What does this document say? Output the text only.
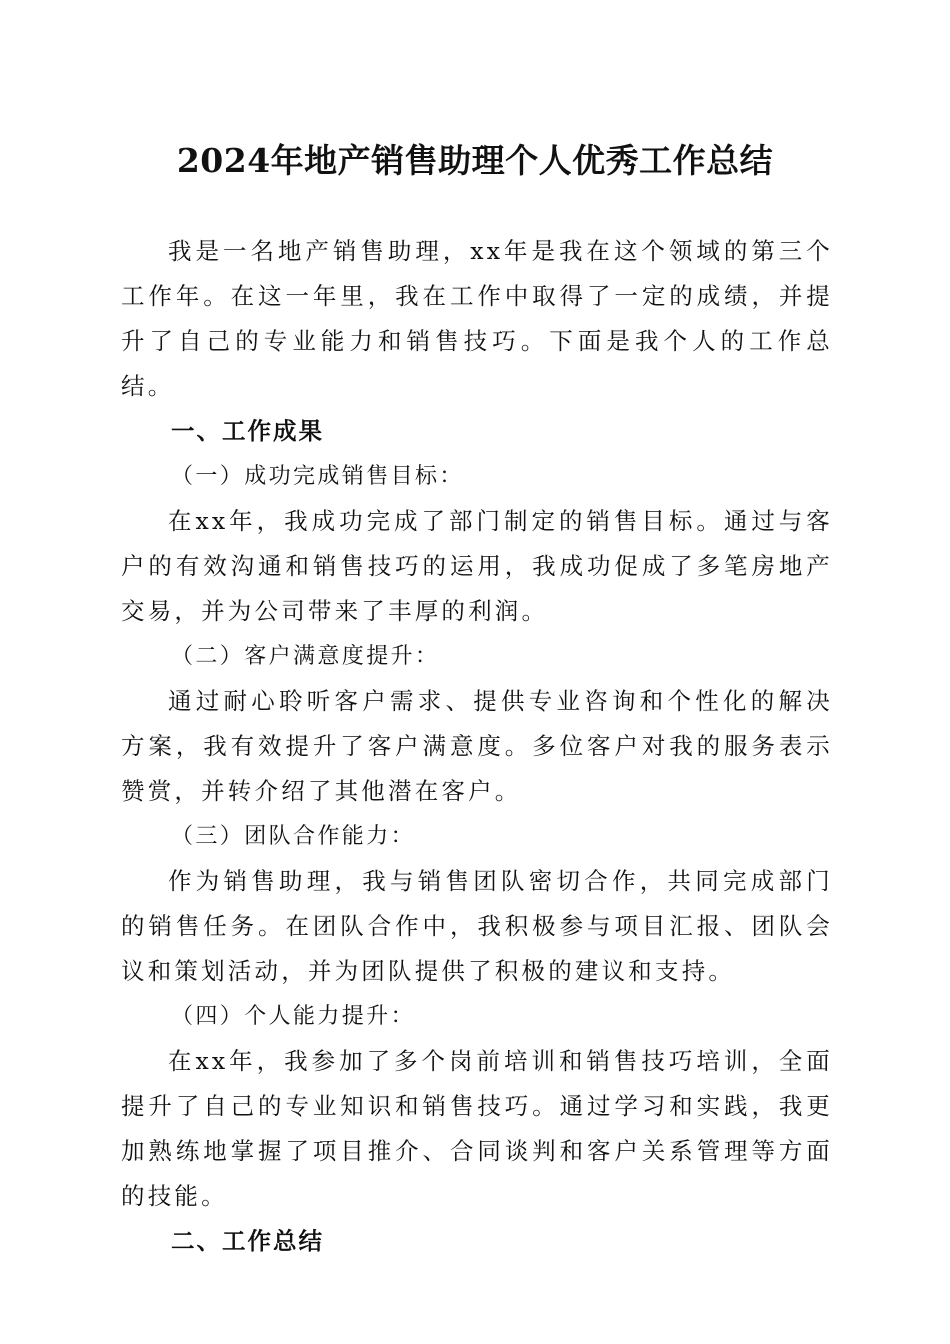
2024年地产销售助理个人优秀工作总结

我是一名地产销售助理，xx年是我在这个领域的第三个工作年。在这一年里，我在工作中取得了一定的成绩，并提升了自己的专业能力和销售技巧。下面是我个人的工作总结。

一、工作成果

（一）成功完成销售目标：

在xx年，我成功完成了部门制定的销售目标。通过与客户的有效沟通和销售技巧的运用，我成功促成了多笔房地产交易，并为公司带来了丰厚的利润。

（二）客户满意度提升：

通过耐心聆听客户需求、提供专业咨询和个性化的解决方案，我有效提升了客户满意度。多位客户对我的服务表示赞赏，并转介绍了其他潜在客户。

（三）团队合作能力：

作为销售助理，我与销售团队密切合作，共同完成部门的销售任务。在团队合作中，我积极参与项目汇报、团队会议和策划活动，并为团队提供了积极的建议和支持。

（四）个人能力提升：

在xx年，我参加了多个岗前培训和销售技巧培训，全面提升了自己的专业知识和销售技巧。通过学习和实践，我更加熟练地掌握了项目推介、合同谈判和客户关系管理等方面的技能。

二、工作总结
